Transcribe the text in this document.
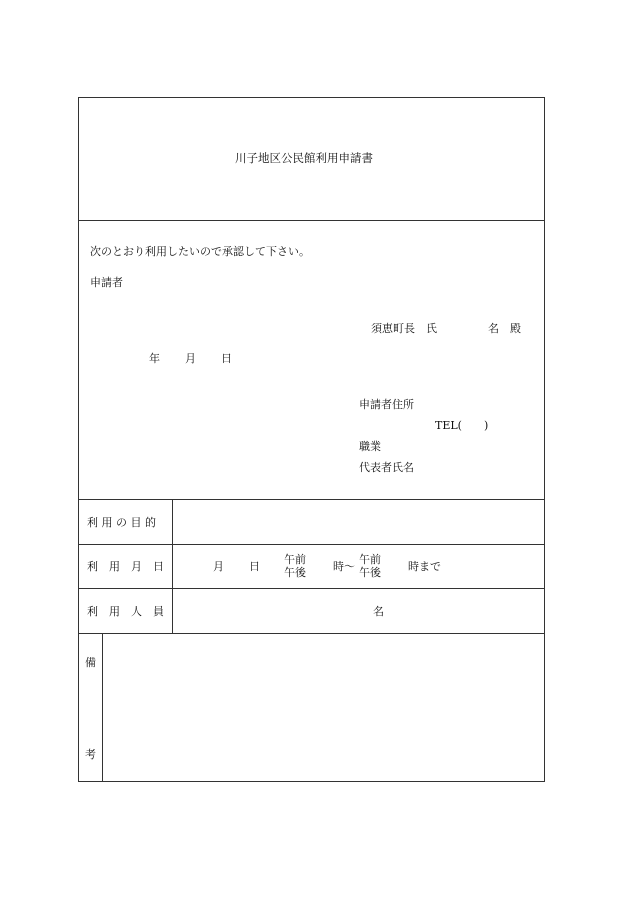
川子地区公民館利用申請書
次のとおり利用したいので承認して下さい。
申請者
須恵町長　氏	名　殿
年 月 日
申請者住所
TEL(　　)
職業
代表者氏名
利 用 の 目 的
利　用　月　日	月 日
午前
午後 時～
午前
午後 時まで
利　用　人　員	名
備
考
